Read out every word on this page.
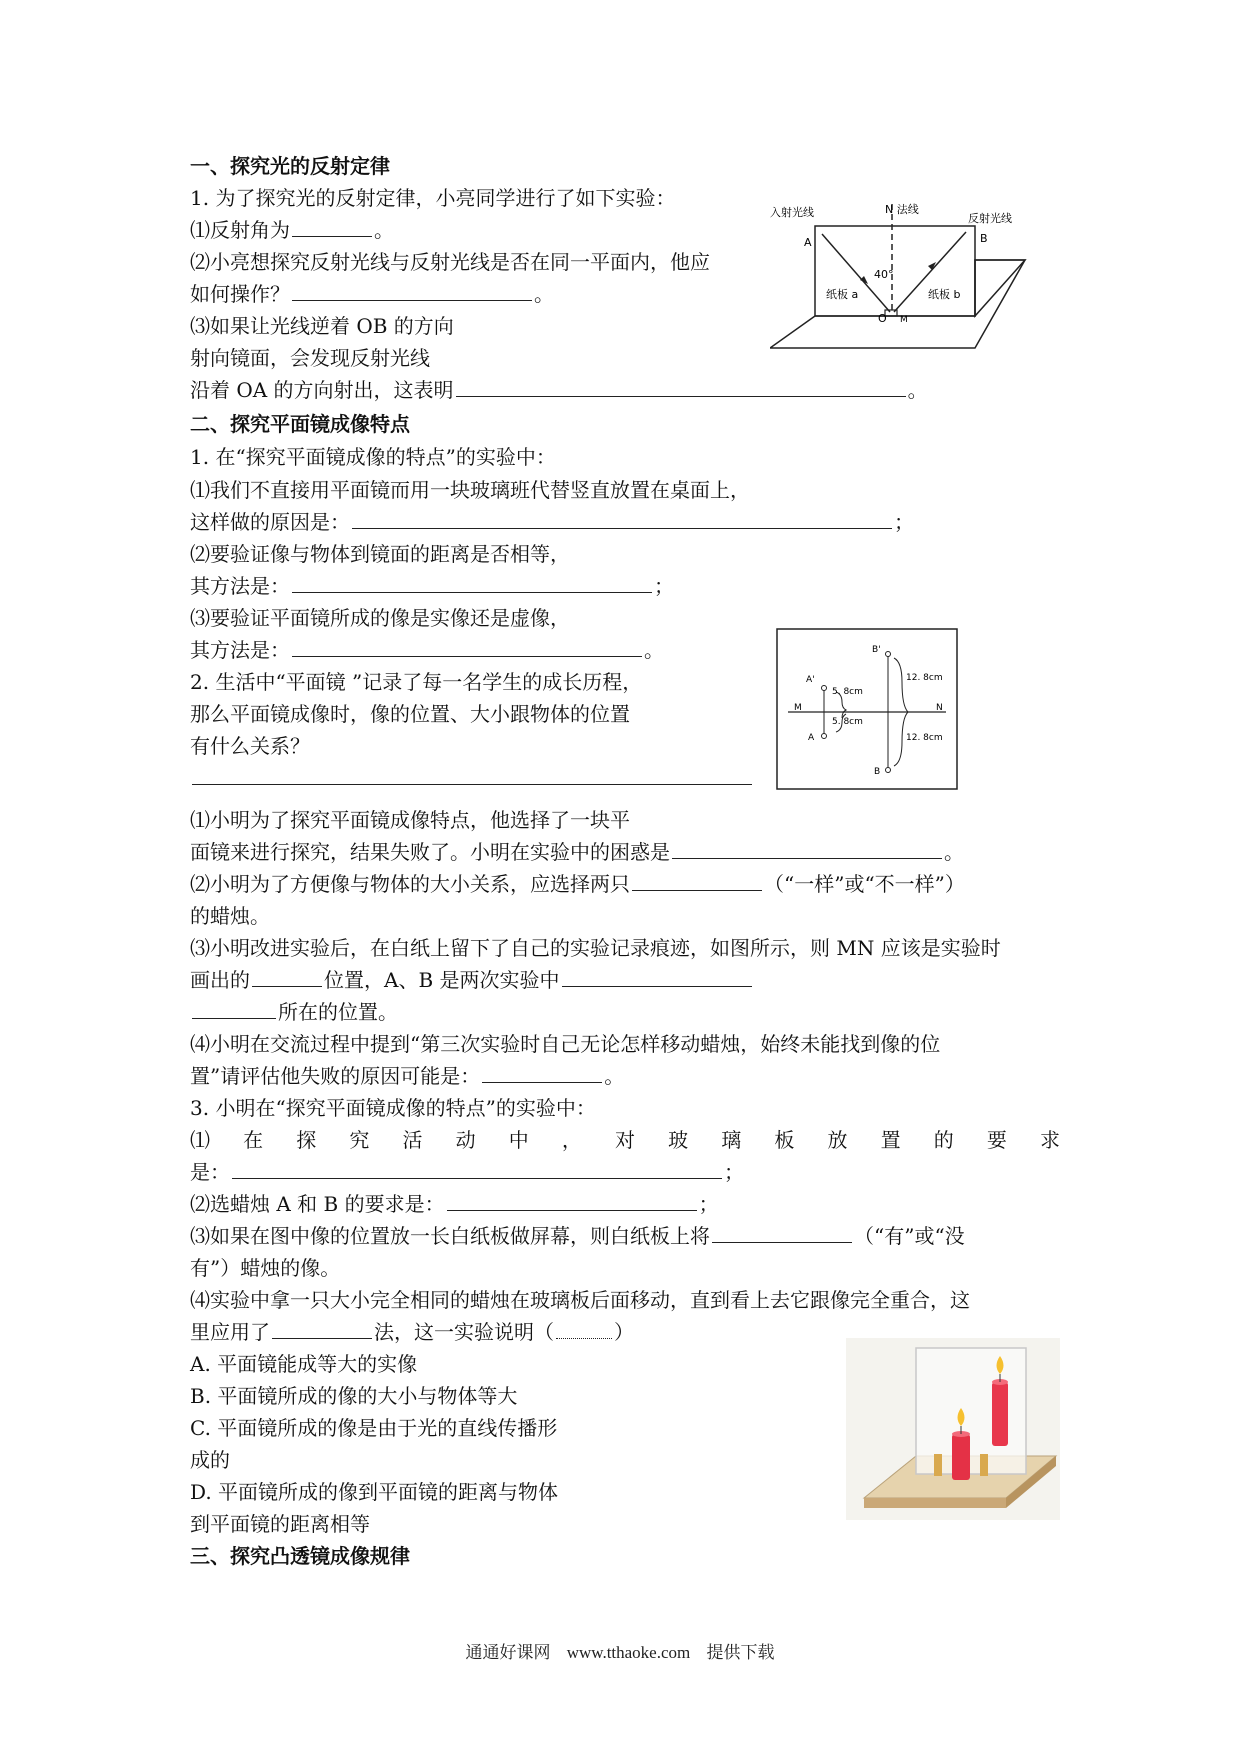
一、探究光的反射定律
1. 为了探究光的反射定律，小亮同学进行了如下实验：
⑴反射角为	。
⑵小亮想探究反射光线与反射光线是否在同一平面内，他应
如何操作？	。
⑶如果让光线逆着 OB 的方向
射向镜面，会发现反射光线
沿着 OA 的方向射出，这表明	。
入射光线	N 法线
反射光线
A	B
40°
纸板 a	纸板 b
O M
二、探究平面镜成像特点
1. 在“探究平面镜成像的特点”的实验中：
⑴我们不直接用平面镜而用一块玻璃班代替竖直放置在桌面上，
这样做的原因是：	；
⑵要验证像与物体到镜面的距离是否相等，
其方法是：	；
⑶要验证平面镜所成的像是实像还是虚像，
其方法是：	。
2. 生活中“平面镜 ”记录了每一名学生的成长历程，
那么平面镜成像时，像的位置、大小跟物体的位置
有什么关系？
B'
A'
5. 8cm
12. 8cm
M	N
5. 8cm
A	12. 8cm
B
⑴小明为了探究平面镜成像特点，他选择了一块平
面镜来进行探究，结果失败了。小明在实验中的困惑是	。
⑵小明为了方便像与物体的大小关系，应选择两只	（“一样”或“不一样”）
的蜡烛。
⑶小明改进实验后，在白纸上留下了自己的实验记录痕迹，如图所示，则 MN 应该是实验时
画出的	位置，A、B 是两次实验中
所在的位置。
⑷小明在交流过程中提到“第三次实验时自己无论怎样移动蜡烛，始终未能找到像的位
置”请评估他失败的原因可能是：	。
3. 小明在“探究平面镜成像的特点”的实验中：
⑴ 在 探 究 活 动 中 ， 对 玻 璃 板 放 置 的 要 求
是：	；
⑵选蜡烛 A 和 B 的要求是：	；
⑶如果在图中像的位置放一长白纸板做屏幕，则白纸板上将	（“有”或“没
有”）蜡烛的像。
⑷实验中拿一只大小完全相同的蜡烛在玻璃板后面移动，直到看上去它跟像完全重合，这
里应用了	法，这一实验说明（	）
A. 平面镜能成等大的实像
B. 平面镜所成的像的大小与物体等大
C. 平面镜所成的像是由于光的直线传播形
成的
D. 平面镜所成的像到平面镜的距离与物体
到平面镜的距离相等
三、探究凸透镜成像规律
通通好课网 www.tthaoke.com 提供下载
